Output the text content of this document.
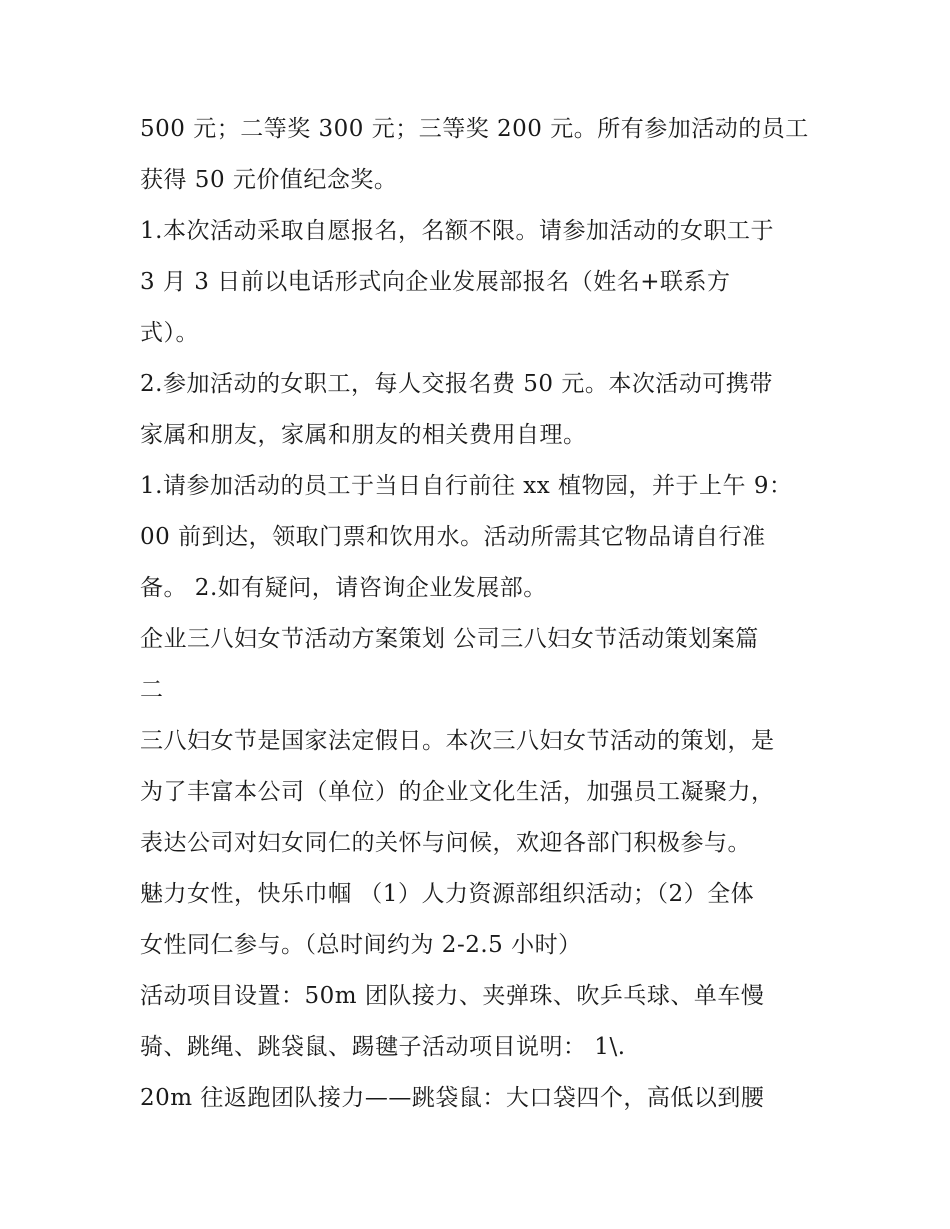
500 元；二等奖 300 元；三等奖 200 元。所有参加活动的员工
获得 50 元价值纪念奖。
1.本次活动采取自愿报名，名额不限。请参加活动的女职工于
3 月 3 日前以电话形式向企业发展部报名（姓名+联系方
式）。
2.参加活动的女职工，每人交报名费 50 元。本次活动可携带
家属和朋友，家属和朋友的相关费用自理。
1.请参加活动的员工于当日自行前往 xx 植物园，并于上午 9：
00 前到达，领取门票和饮用水。活动所需其它物品请自行准
备。 2.如有疑问，请咨询企业发展部。
企业三八妇女节活动方案策划 公司三八妇女节活动策划案篇
二
三八妇女节是国家法定假日。本次三八妇女节活动的策划，是
为了丰富本公司（单位）的企业文化生活，加强员工凝聚力，
表达公司对妇女同仁的关怀与问候，欢迎各部门积极参与。
魅力女性，快乐巾帼 （1）人力资源部组织活动；（2）全体
女性同仁参与。（总时间约为 2-2.5 小时）
活动项目设置：50m 团队接力、夹弹珠、吹乒乓球、单车慢
骑、跳绳、跳袋鼠、踢毽子活动项目说明： 1\.
20m 往返跑团队接力——跳袋鼠：大口袋四个，高低以到腰
